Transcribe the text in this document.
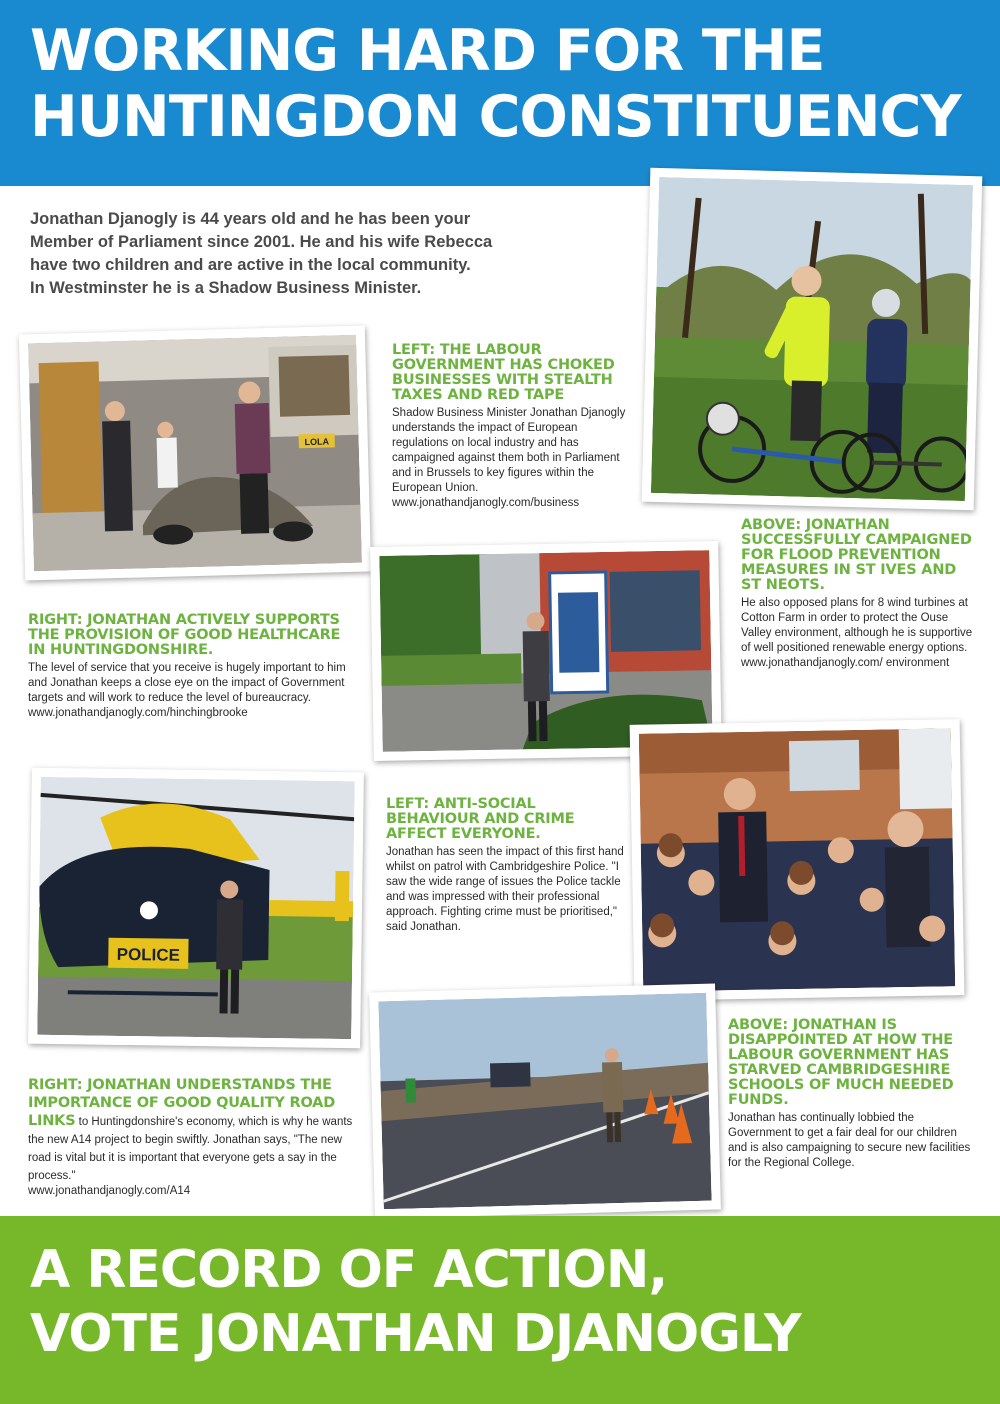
WORKING HARD FOR THE
HUNTINGDON CONSTITUENCY
Jonathan Djanogly is 44 years old and he has been your
Member of Parliament since 2001. He and his wife Rebecca
have two children and are active in the local community.
In Westminster he is a Shadow Business Minister.
LOLA
LEFT: THE LABOUR GOVERNMENT HAS CHOKED BUSINESSES WITH STEALTH TAXES AND RED TAPE
Shadow Business Minister Jonathan Djanogly understands the impact of European regulations on local industry and has campaigned against them both in Parliament and in Brussels to key figures within the European Union.
www.jonathandjanogly.com/business
ABOVE: JONATHAN SUCCESSFULLY CAMPAIGNED FOR FLOOD PREVENTION MEASURES IN ST IVES AND ST NEOTS.
He also opposed plans for 8 wind turbines at Cotton Farm in order to protect the Ouse Valley environment, although he is supportive of well positioned renewable energy options.
www.jonathandjanogly.com/ environment
RIGHT: JONATHAN ACTIVELY SUPPORTS THE PROVISION OF GOOD HEALTHCARE IN HUNTINGDONSHIRE.
The level of service that you receive is hugely important to him and Jonathan keeps a close eye on the impact of Government targets and will work to reduce the level of bureaucracy.
www.jonathandjanogly.com/hinchingbrooke
POLICE
LEFT: ANTI-SOCIAL BEHAVIOUR AND CRIME AFFECT EVERYONE.
Jonathan has seen the impact of this first hand whilst on patrol with Cambridgeshire Police. "I saw the wide range of issues the Police tackle and was impressed with their professional approach. Fighting crime must be prioritised," said Jonathan.
ABOVE: JONATHAN IS DISAPPOINTED AT HOW THE LABOUR GOVERNMENT HAS STARVED CAMBRIDGESHIRE SCHOOLS OF MUCH NEEDED FUNDS.
Jonathan has continually lobbied the Government to get a fair deal for our children and is also campaigning to secure new facilities for the Regional College.
RIGHT: JONATHAN UNDERSTANDS THE IMPORTANCE OF GOOD QUALITY ROAD LINKS to Huntingdonshire's economy, which is why he wants the new A14 project to begin swiftly. Jonathan says, "The new road is vital but it is important that everyone gets a say in the process."
www.jonathandjanogly.com/A14
A RECORD OF ACTION,
VOTE JONATHAN DJANOGLY
